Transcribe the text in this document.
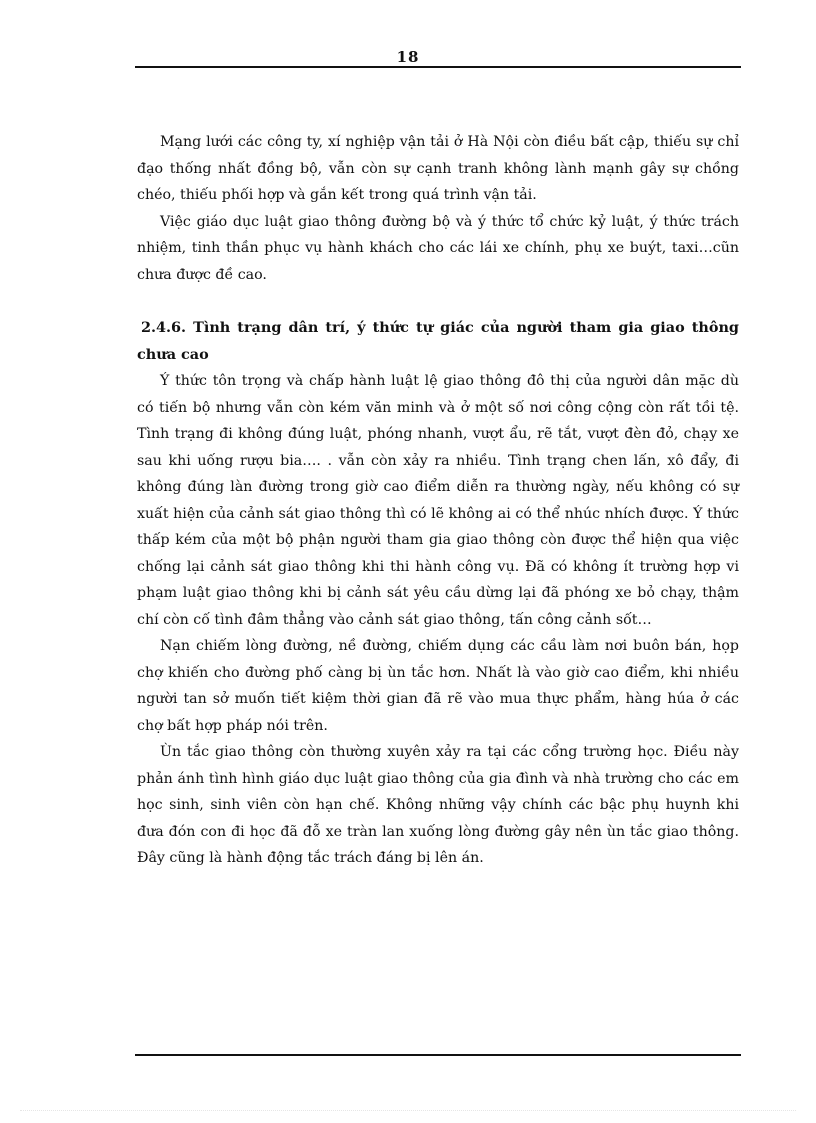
18

Mạng lưới các công ty, xí nghiệp vận tải ở Hà Nội còn điều bất cập, thiếu sự chỉ đạo thống nhất đồng bộ, vẫn còn sự cạnh tranh không lành mạnh gây sự chồng chéo, thiếu phối hợp và gắn kết trong quá trình vận tải.

Việc giáo dục luật giao thông đường bộ và ý thức tổ chức kỷ luật, ý thức trách nhiệm, tinh thần phục vụ hành khách cho các lái xe chính, phụ xe buýt, taxi…cũn chưa được đề cao.

2.4.6. Tình trạng dân trí, ý thức tự giác của người tham gia giao thông chưa cao

Ý thức tôn trọng và chấp hành luật lệ giao thông đô thị của người dân mặc dù có tiến bộ nhưng vẫn còn kém văn minh và ở một số nơi công cộng còn rất tồi tệ. Tình trạng đi không đúng luật, phóng nhanh, vượt ẩu, rẽ tắt, vượt đèn đỏ, chạy xe sau khi uống rượu bia…. . vẫn còn xảy ra nhiều. Tình trạng chen lấn, xô đẩy, đi không đúng làn đường trong giờ cao điểm diễn ra thường ngày, nếu không có sự xuất hiện của cảnh sát giao thông thì có lẽ không ai có thể nhúc nhích được. Ý thức thấp kém của một bộ phận người tham gia giao thông còn được thể hiện qua việc chống lại cảnh sát giao thông khi thi hành công vụ. Đã có không ít trường hợp vi phạm luật giao thông khi bị cảnh sát yêu cầu dừng lại đã phóng xe bỏ chạy, thậm chí còn cố tình đâm thẳng vào cảnh sát giao thông, tấn công cảnh sốt…

Nạn chiếm lòng đường, nề đường, chiếm dụng các cầu làm nơi buôn bán, họp chợ khiến cho đường phố càng bị ùn tắc hơn. Nhất là vào giờ cao điểm, khi nhiều người tan sở muốn tiết kiệm thời gian đã rẽ vào mua thực phẩm, hàng húa ở các chợ bất hợp pháp nói trên.

Ùn tắc giao thông còn thường xuyên xảy ra tại các cổng trường học. Điều này phản ánh tình hình giáo dục luật giao thông của gia đình và nhà trường cho các em học sinh, sinh viên còn hạn chế. Không những vậy chính các bậc phụ huynh khi đưa đón con đi học đã đỗ xe tràn lan xuống lòng đường gây nên ùn tắc giao thông. Đây cũng là hành động tắc trách đáng bị lên án.
